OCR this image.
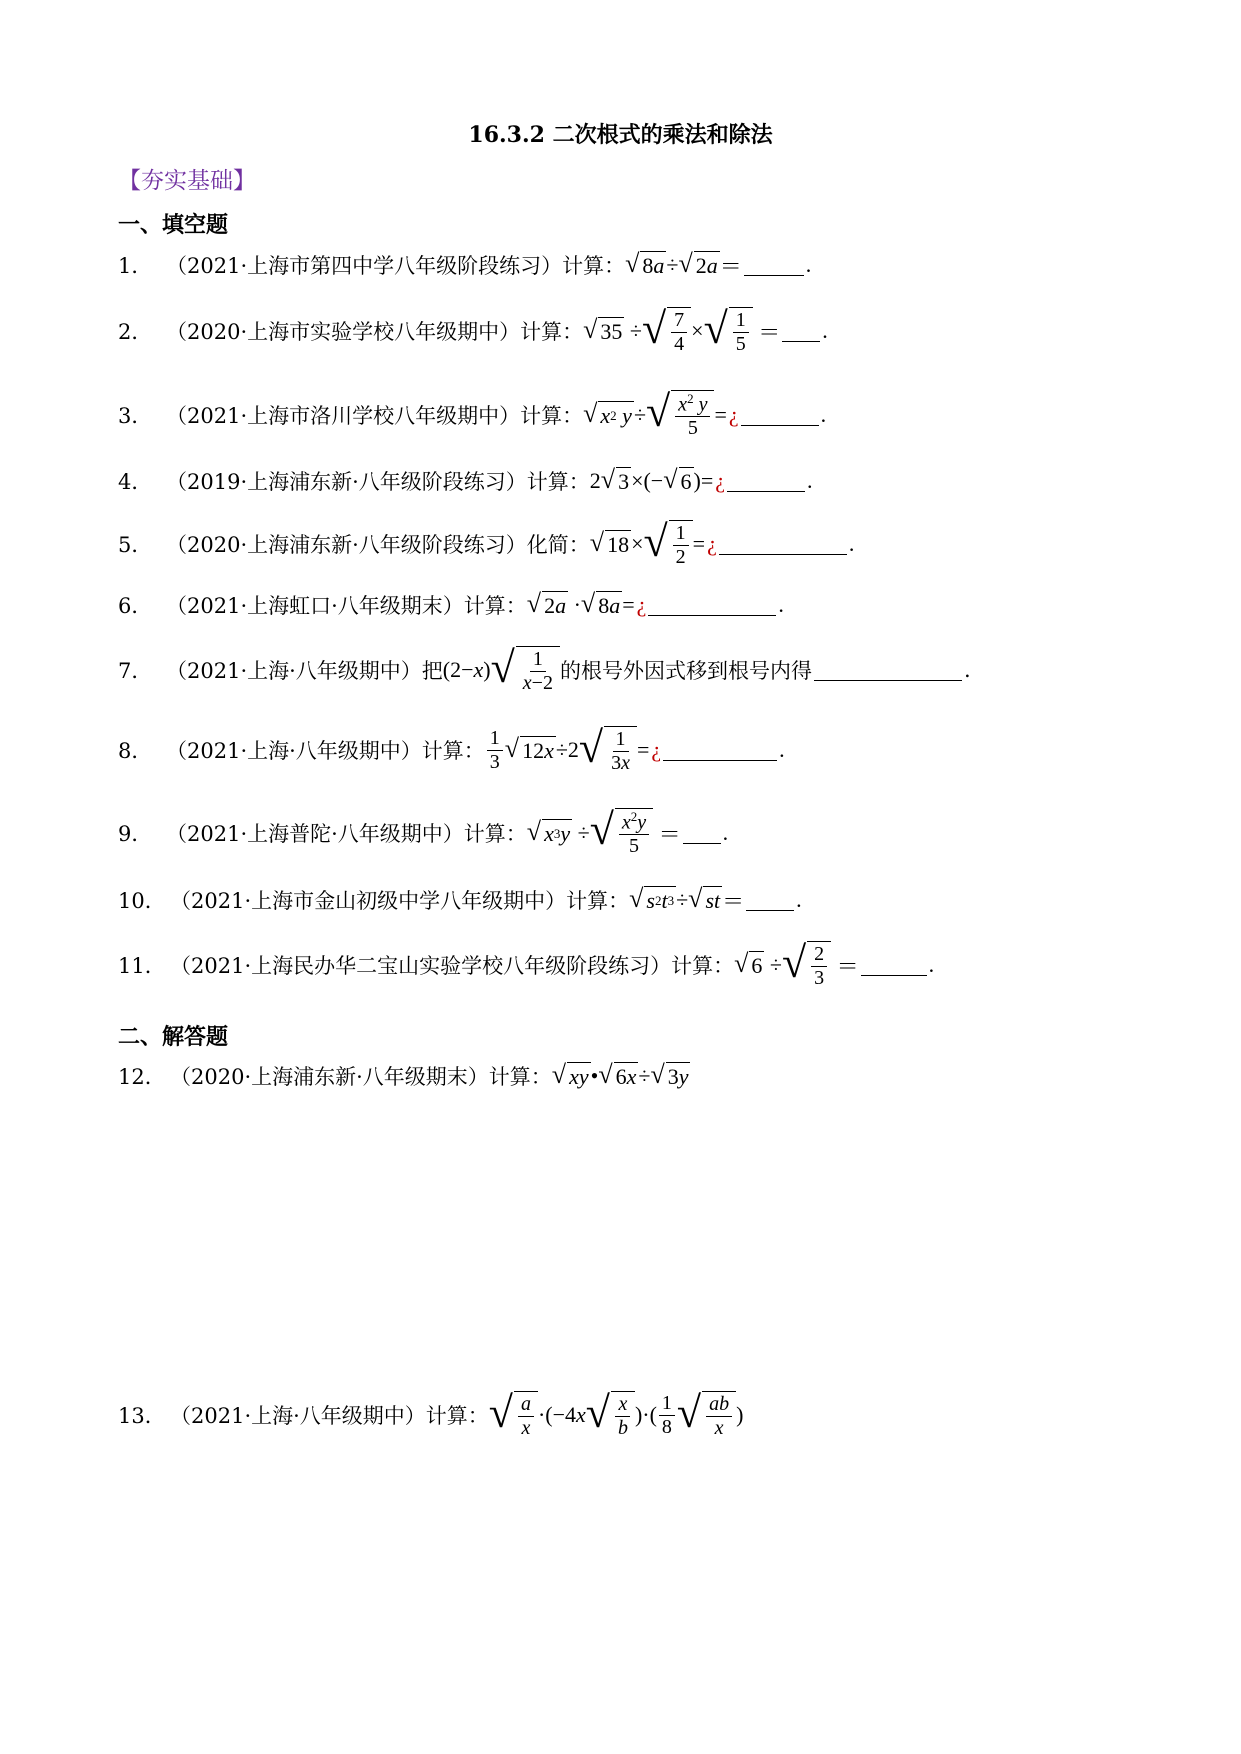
16.3.2 二次根式的乘法和除法
【夯实基础】
一、填空题
1． （2021·上海市第四中学八年级阶段练习）计算： √ 8 a ÷ √ 2 a ＝	.
2． （2020·上海市实验学校八年级期中）计算： √ 35 ÷ √ 7
4
× √ 1
5 ＝ .
3． （2021·上海市洛川学校八年级期中）计算： √ x 2
y ÷ √ $x^2$ y
5
= ¿	.
4． （2019·上海浦东新·八年级阶段练习）计算： 2 √ 3 ×(− √ 6 )= ¿	.
5． （2020·上海浦东新·八年级阶段练习）化简： √ 18 × √ 1
2
= ¿	.
6． （2021·上海虹口·八年级期末）计算： √ 2 a · √ 8 a = ¿	.
7． （2021·上海·八年级期中）把 (2− x ) √ 1
x−2 的根号外因式移到根号内得	.
8． （2021·上海·八年级期中）计算：
1
3 √ 12 x ÷2 √ 1
3x
= ¿	.
9． （2021·上海普陀·八年级期中）计算： √ x 3 y ÷ √ $x^2y$
5 ＝ .
10． （2021·上海市金山初级中学八年级期中）计算： √ s 2 t 3 ÷ √ st ＝ .
11． （2021·上海民办华二宝山实验学校八年级阶段练习）计算： √ 6 ÷ √ 2
3 ＝	.
二、解答题
12． （2020·上海浦东新·八年级期末）计算： √ xy • √ 6 x ÷ √ 3 y
13． （2021·上海·八年级期中）计算： √ a
x
·(−4 x √ x
b
)·( 1
8 √ ab
x
)
